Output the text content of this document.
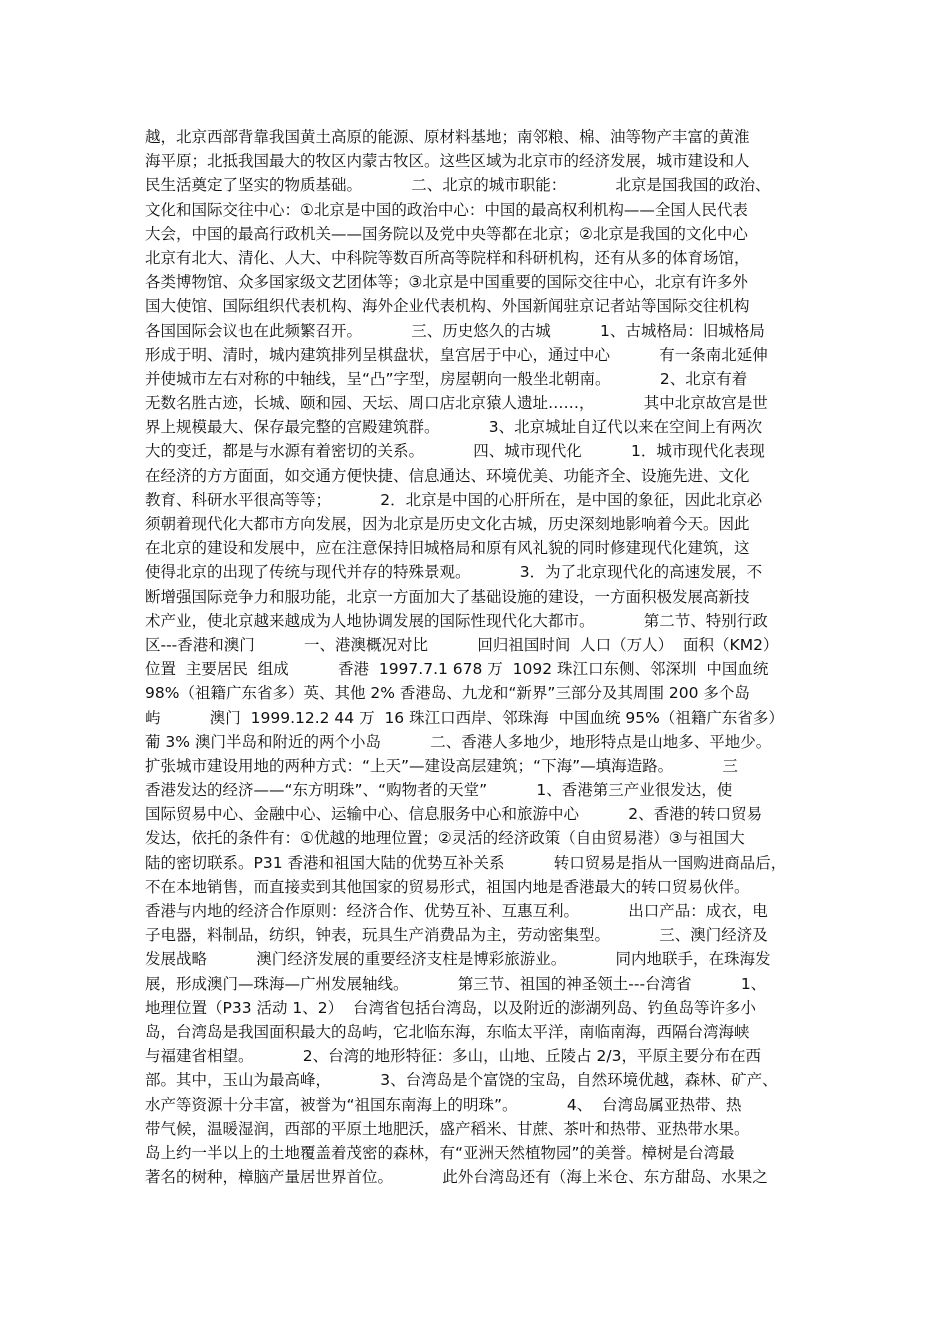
越，北京西部背靠我国黄土高原的能源、原材料基地；南邻粮、棉、油等物产丰富的黄淮
海平原；北抵我国最大的牧区内蒙古牧区。这些区域为北京市的经济发展，城市建设和人
民生活奠定了坚实的物质基础。          二、北京的城市职能：          北京是国我国的政治、
文化和国际交往中心：①北京是中国的政治中心：中国的最高权利机构——全国人民代表
大会，中国的最高行政机关——国务院以及党中央等都在北京；②北京是我国的文化中心
北京有北大、清化、人大、中科院等数百所高等院样和科研机构，还有从多的体育场馆，
各类博物馆、众多国家级文艺团体等；③北京是中国重要的国际交往中心，北京有许多外
国大使馆、国际组织代表机构、海外企业代表机构、外国新闻驻京记者站等国际交往机构
各国国际会议也在此频繁召开。          三、历史悠久的古城          1、古城格局：旧城格局
形成于明、清时，城内建筑排列呈棋盘状，皇宫居于中心，通过中心          有一条南北延伸
并使城市左右对称的中轴线，呈“凸”字型，房屋朝向一般坐北朝南。          2、北京有着
无数名胜古迹，长城、颐和园、天坛、周口店北京猿人遗址……，          其中北京故宫是世
界上规模最大、保存最完整的宫殿建筑群。          3、北京城址自辽代以来在空间上有两次
大的变迁，都是与水源有着密切的关系。          四、城市现代化          1．城市现代化表现
在经济的方方面面，如交通方便快捷、信息通达、环境优美、功能齐全、设施先进、文化
教育、科研水平很高等等；          2．北京是中国的心肝所在，是中国的象征，因此北京必
须朝着现代化大都市方向发展，因为北京是历史文化古城，历史深刻地影响着今天。因此
在北京的建设和发展中，应在注意保持旧城格局和原有风礼貌的同时修建现代化建筑，这
使得北京的出现了传统与现代并存的特殊景观。          3．为了北京现代化的高速发展，不
断增强国际竞争力和服功能，北京一方面加大了基础设施的建设，一方面积极发展高新技
术产业，使北京越来越成为人地协调发展的国际性现代化大都市。          第二节、特别行政
区---香港和澳门          一、港澳概况对比          回归祖国时间  人口（万人）  面积（KM2）
位置  主要居民  组成          香港  1997.7.1 678 万  1092 珠江口东侧、邻深圳  中国血统
98%（祖籍广东省多）英、其他 2% 香港岛、九龙和“新界”三部分及其周围 200 多个岛
屿          澳门  1999.12.2 44 万  16 珠江口西岸、邻珠海  中国血统 95%（祖籍广东省多）
葡 3% 澳门半岛和附近的两个小岛          二、香港人多地少，地形特点是山地多、平地少。
扩张城市建设用地的两种方式：“上天”—建设高层建筑；“下海”—填海造路。          三
香港发达的经济——“东方明珠”、“购物者的天堂”          1、香港第三产业很发达，使
国际贸易中心、金融中心、运输中心、信息服务中心和旅游中心          2、香港的转口贸易
发达，依托的条件有：①优越的地理位置；②灵活的经济政策（自由贸易港）③与祖国大
陆的密切联系。P31 香港和祖国大陆的优势互补关系          转口贸易是指从一国购进商品后，
不在本地销售，而直接卖到其他国家的贸易形式，祖国内地是香港最大的转口贸易伙伴。
香港与内地的经济合作原则：经济合作、优势互补、互惠互利。          出口产品：成衣，电
子电器，料制品，纺织，钟表，玩具生产消费品为主，劳动密集型。          三、澳门经济及
发展战略          澳门经济发展的重要经济支柱是博彩旅游业。          同内地联手，在珠海发
展，形成澳门—珠海—广州发展轴线。          第三节、祖国的神圣领土---台湾省          1、
地理位置（P33 活动 1、2）  台湾省包括台湾岛，以及附近的澎湖列岛、钓鱼岛等许多小
岛，台湾岛是我国面积最大的岛屿，它北临东海，东临太平洋，南临南海，西隔台湾海峡
与福建省相望。          2、台湾的地形特征：多山，山地、丘陵占 2/3，平原主要分布在西
部。其中，玉山为最高峰，          3、台湾岛是个富饶的宝岛，自然环境优越，森林、矿产、
水产等资源十分丰富，被誉为“祖国东南海上的明珠”。          4、  台湾岛属亚热带、热
带气候，温暖湿润，西部的平原土地肥沃，盛产稻米、甘蔗、茶叶和热带、亚热带水果。
岛上约一半以上的土地覆盖着茂密的森林，有“亚洲天然植物园”的美誉。樟树是台湾最
著名的树种，樟脑产量居世界首位。          此外台湾岛还有（海上米仓、东方甜岛、水果之
